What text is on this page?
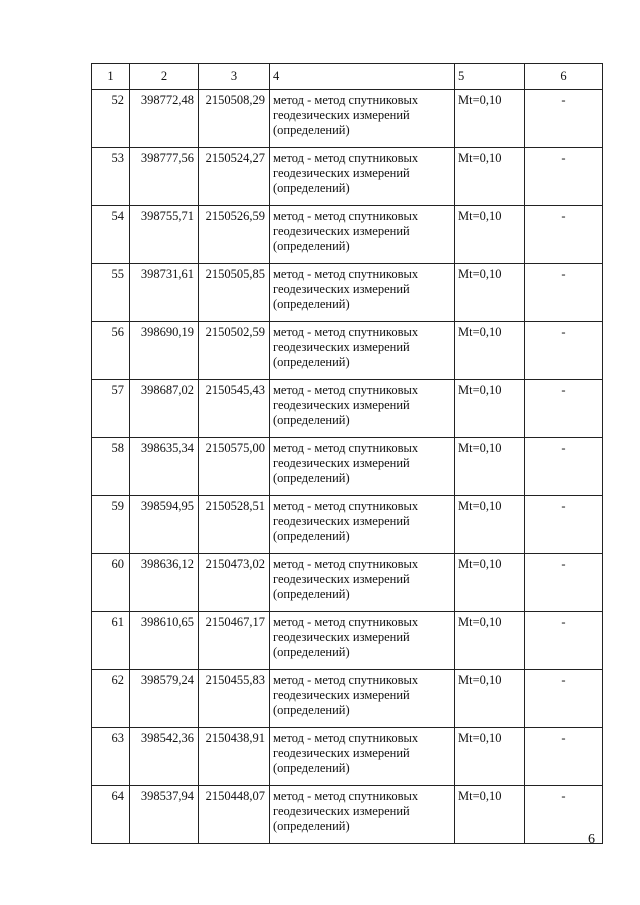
1	2	3	4	5	6
52	398772,48	2150508,29	метод - метод спутниковых геодезических измерений (определений)	Mt=0,10	-
53	398777,56	2150524,27	метод - метод спутниковых геодезических измерений (определений)	Mt=0,10	-
54	398755,71	2150526,59	метод - метод спутниковых геодезических измерений (определений)	Mt=0,10	-
55	398731,61	2150505,85	метод - метод спутниковых геодезических измерений (определений)	Mt=0,10	-
56	398690,19	2150502,59	метод - метод спутниковых геодезических измерений (определений)	Mt=0,10	-
57	398687,02	2150545,43	метод - метод спутниковых геодезических измерений (определений)	Mt=0,10	-
58	398635,34	2150575,00	метод - метод спутниковых геодезических измерений (определений)	Mt=0,10	-
59	398594,95	2150528,51	метод - метод спутниковых геодезических измерений (определений)	Mt=0,10	-
60	398636,12	2150473,02	метод - метод спутниковых геодезических измерений (определений)	Mt=0,10	-
61	398610,65	2150467,17	метод - метод спутниковых геодезических измерений (определений)	Mt=0,10	-
62	398579,24	2150455,83	метод - метод спутниковых геодезических измерений (определений)	Mt=0,10	-
63	398542,36	2150438,91	метод - метод спутниковых геодезических измерений (определений)	Mt=0,10	-
64	398537,94	2150448,07	метод - метод спутниковых геодезических измерений (определений)	Mt=0,10	-
6
